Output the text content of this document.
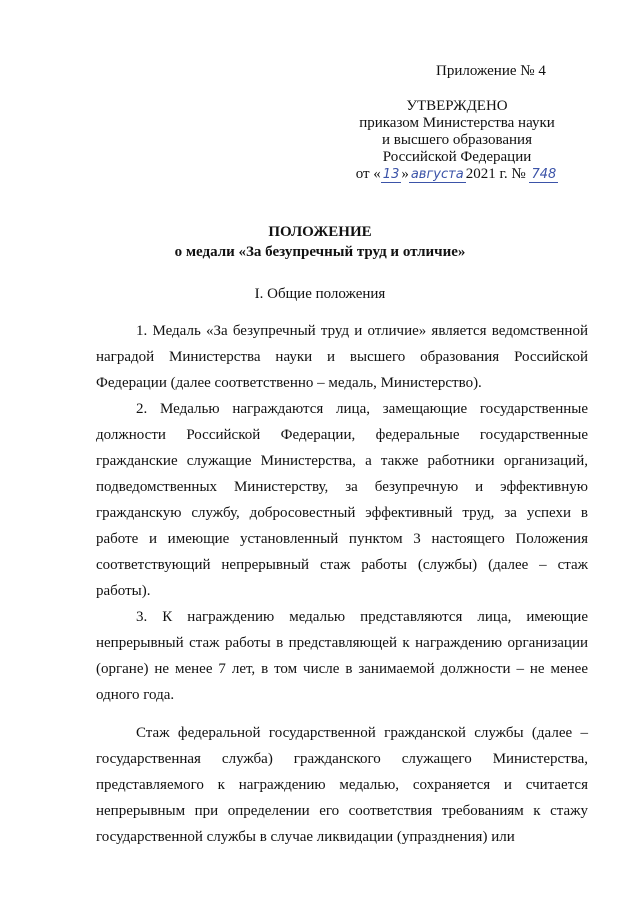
Приложение № 4
УТВЕРЖДЕНО
приказом Министерства науки
и высшего образования
Российской Федерации
от « 13 » августа 2021 г. № 748
ПОЛОЖЕНИЕ
о медали «За безупречный труд и отличие»
I. Общие положения

1. Медаль «За безупречный труд и отличие» является ведомственной наградой Министерства науки и высшего образования Российской Федерации (далее соответственно – медаль, Министерство).

2. Медалью награждаются лица, замещающие государственные должности Российской Федерации, федеральные государственные гражданские служащие Министерства, а также работники организаций, подведомственных Министерству, за безупречную и эффективную гражданскую службу, добросовестный эффективный труд, за успехи в работе и имеющие установленный пунктом 3 настоящего Положения соответствующий непрерывный стаж работы (службы) (далее – стаж работы).

3. К награждению медалью представляются лица, имеющие непрерывный стаж работы в представляющей к награждению организации (органе) не менее 7 лет, в том числе в занимаемой должности – не менее одного года.

Стаж федеральной государственной гражданской службы (далее – государственная служба) гражданского служащего Министерства, представляемого к награждению медалью, сохраняется и считается непрерывным при определении его соответствия требованиям к стажу государственной службы в случае ликвидации (упразднения) или
